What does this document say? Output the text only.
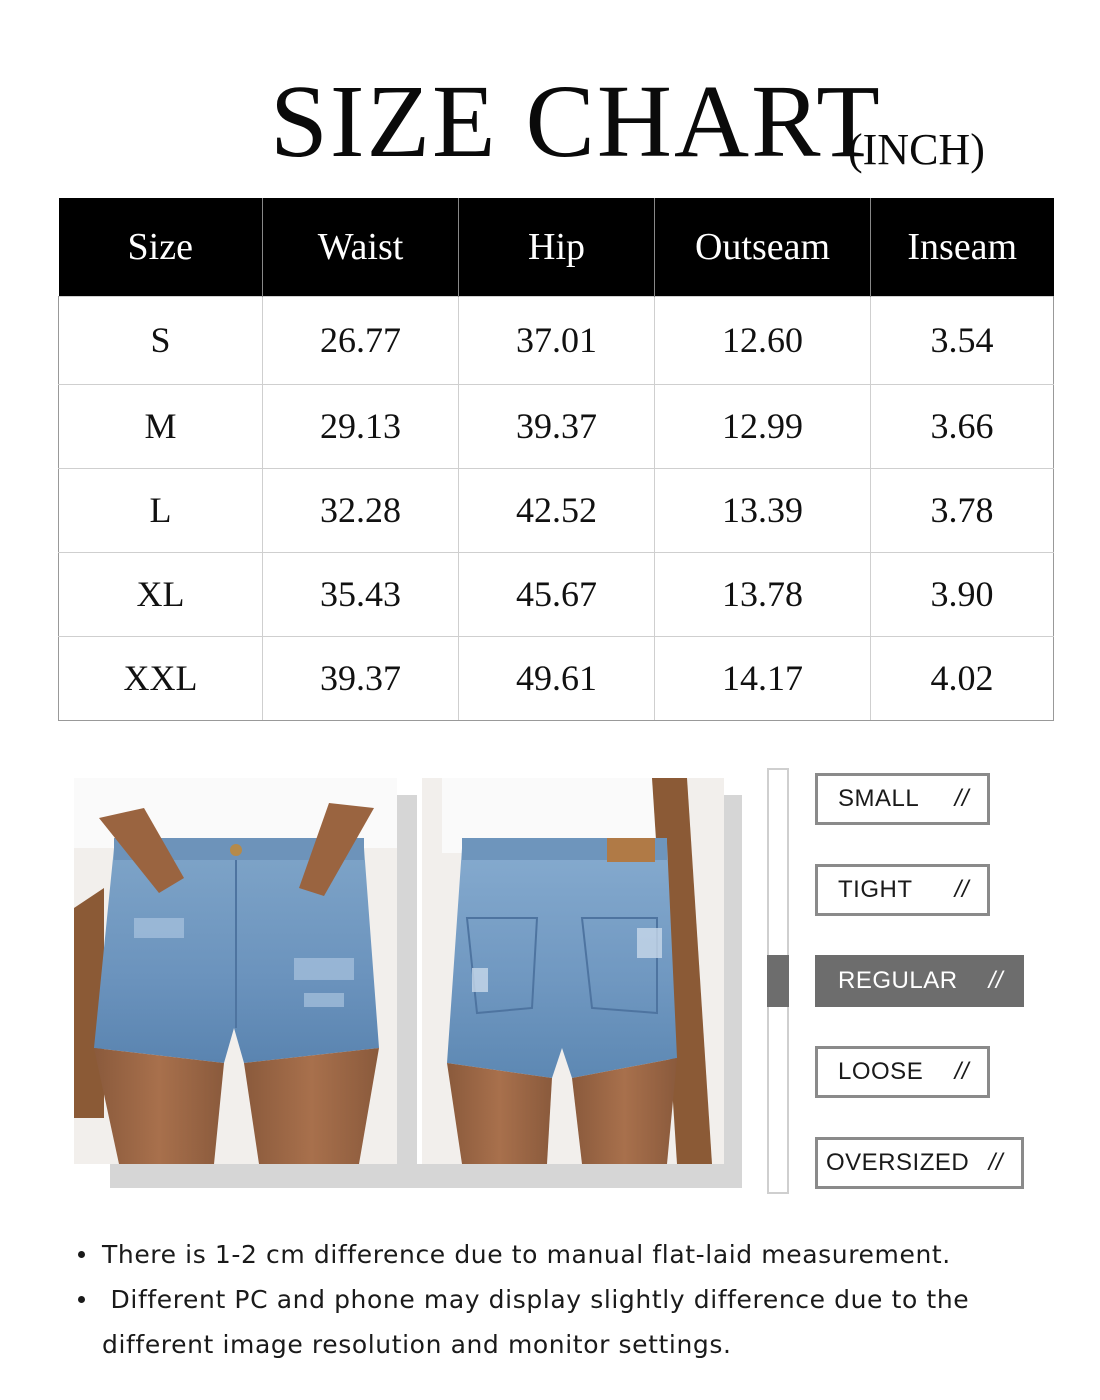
SIZE CHART
(INCH)
Size	Waist	Hip	Outseam	Inseam
S	26.77	37.01	12.60	3.54
M	29.13	39.37	12.99	3.66
L	32.28	42.52	13.39	3.78
XL	35.43	45.67	13.78	3.90
XXL	39.37	49.61	14.17	4.02
SMALL //
TIGHT //
REGULAR //
LOOSE //
OVERSIZED //
There is 1-2 cm difference due to manual flat-laid measurement.
Different PC and phone may display slightly difference due to the different image resolution and monitor settings.
